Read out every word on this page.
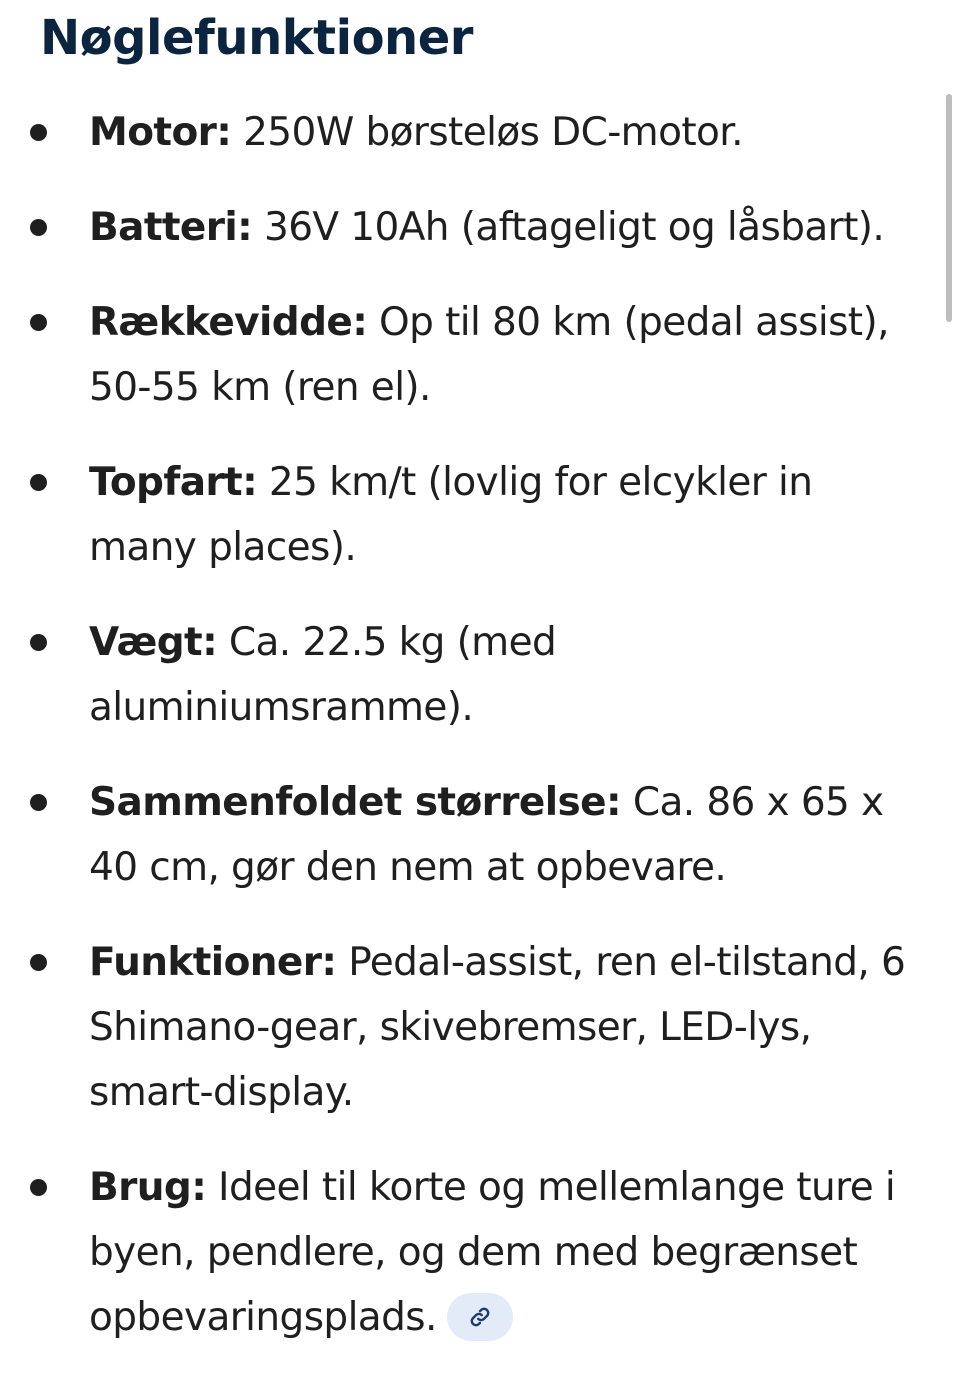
Nøglefunktioner
Motor: 250W børsteløs DC-motor.
Batteri: 36V 10Ah (aftageligt og låsbart).
Rækkevidde: Op til 80 km (pedal assist), 50-55 km (ren el).
Topfart: 25 km/t (lovlig for elcykler in many places).
Vægt: Ca. 22.5 kg (med aluminiumsramme).
Sammenfoldet størrelse: Ca. 86 x 65 x 40 cm, gør den nem at opbevare.
Funktioner: Pedal-assist, ren el-tilstand, 6 Shimano-gear, skivebremser, LED-lys, smart-display.
Brug: Ideel til korte og mellemlange ture i byen, pendlere, og dem med begrænset opbevaringsplads.
